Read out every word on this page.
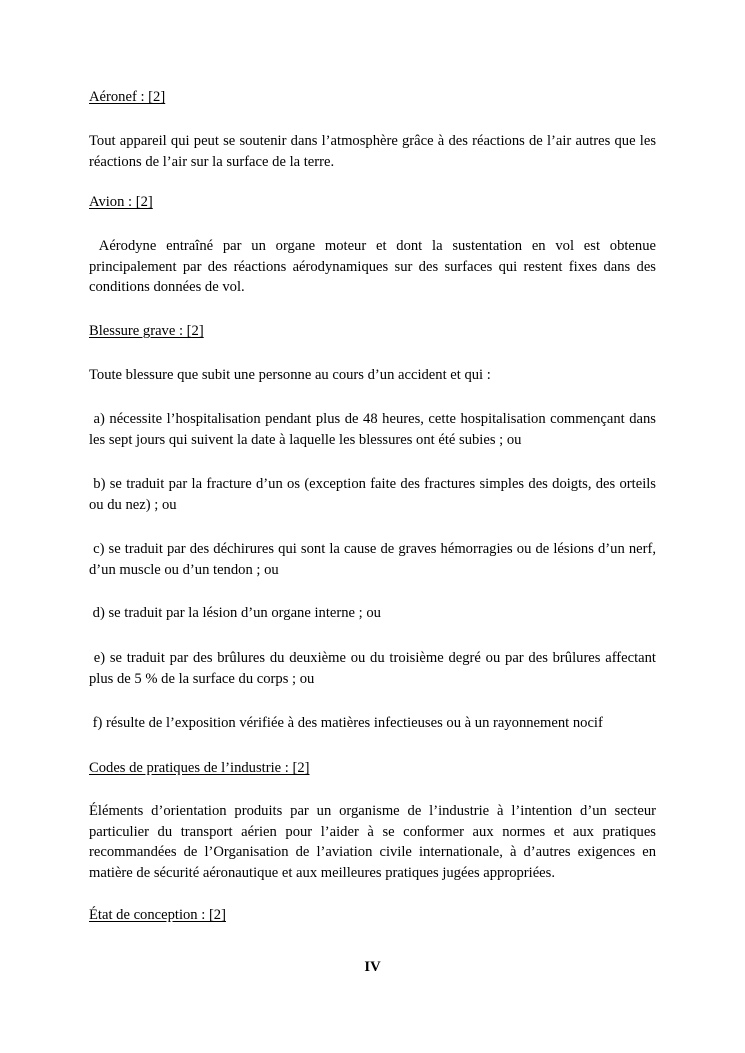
Aéronef : [2]

Tout appareil qui peut se soutenir dans l’atmosphère grâce à des réactions de l’air autres que les réactions de l’air sur la surface de la terre.

Avion : [2]

Aérodyne entraîné par un organe moteur et dont la sustentation en vol est obtenue principalement par des réactions aérodynamiques sur des surfaces qui restent fixes dans des conditions données de vol.

Blessure grave : [2]

Toute blessure que subit une personne au cours d’un accident et qui :

a) nécessite l’hospitalisation pendant plus de 48 heures, cette hospitalisation commençant dans les sept jours qui suivent la date à laquelle les blessures ont été subies ; ou

b) se traduit par la fracture d’un os (exception faite des fractures simples des doigts, des orteils ou du nez) ; ou

c) se traduit par des déchirures qui sont la cause de graves hémorragies ou de lésions d’un nerf, d’un muscle ou d’un tendon ; ou

d) se traduit par la lésion d’un organe interne ; ou

e) se traduit par des brûlures du deuxième ou du troisième degré ou par des brûlures affectant plus de 5 % de la surface du corps ; ou

f) résulte de l’exposition vérifiée à des matières infectieuses ou à un rayonnement nocif

Codes de pratiques de l’industrie : [2]

Éléments d’orientation produits par un organisme de l’industrie à l’intention d’un secteur particulier du transport aérien pour l’aider à se conformer aux normes et aux pratiques recommandées de l’Organisation de l’aviation civile internationale, à d’autres exigences en matière de sécurité aéronautique et aux meilleures pratiques jugées appropriées.

État de conception : [2]

IV
